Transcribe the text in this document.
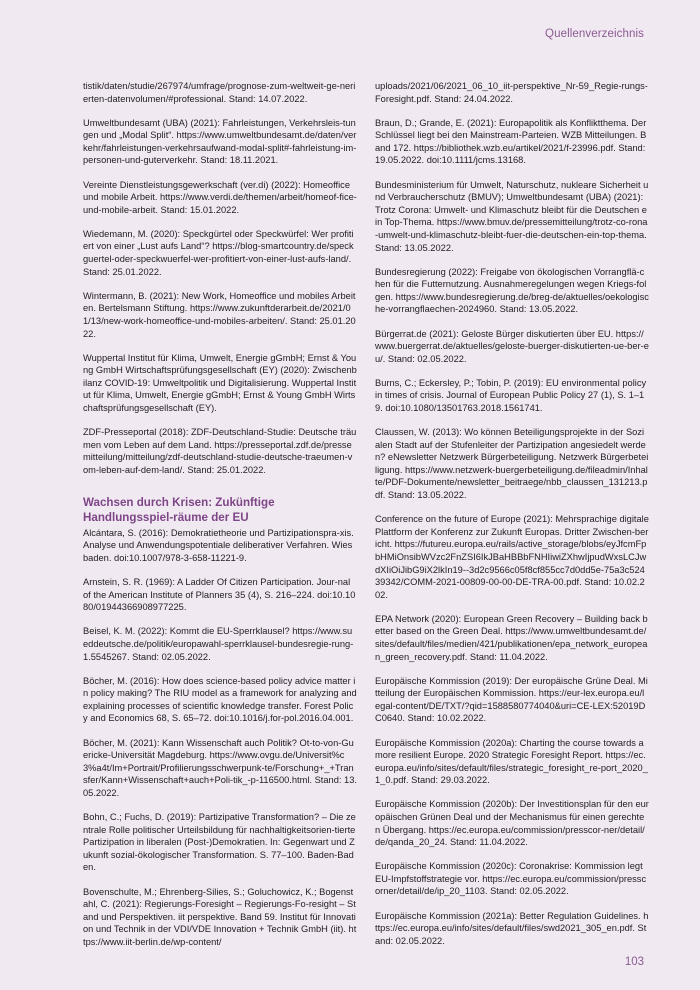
Quellenverzeichnis

tistik/daten/studie/267974/umfrage/prognose-zum-weltweit-ge-nerierten-datenvolumen/#professional. Stand: 14.07.2022.

Umweltbundesamt (UBA) (2021): Fahrleistungen, Verkehrsleis-tungen und „Modal Split“. https://www.umweltbundesamt.de/daten/verkehr/fahrleistungen-verkehrsaufwand-modal-split#-fahrleistung-im-personen-und-guterverkehr. Stand: 18.11.2021.

Vereinte Dienstleistungsgewerkschaft (ver.di) (2022): Homeoffice und mobile Arbeit. https://www.verdi.de/themen/arbeit/homeof-fice-und-mobile-arbeit. Stand: 15.01.2022.

Wiedemann, M. (2020): Speckgürtel oder Speckwürfel: Wer profitiert von einer „Lust aufs Land“? https://blog-smartcountry.de/speckguertel-oder-speckwuerfel-wer-profitiert-von-einer-lust-aufs-land/. Stand: 25.01.2022.

Wintermann, B. (2021): New Work, Homeoffice und mobiles Arbeiten. Bertelsmann Stiftung. https://www.zukunftderarbeit.de/2021/01/13/new-work-homeoffice-und-mobiles-arbeiten/. Stand: 25.01.2022.

Wuppertal Institut für Klima, Umwelt, Energie gGmbH; Ernst & Young GmbH Wirtschaftsprüfungsgesellschaft (EY) (2020): Zwischenbilanz COVID-19: Umweltpolitik und Digitalisierung. Wuppertal Institut für Klima, Umwelt, Energie gGmbH; Ernst & Young GmbH Wirtschaftsprüfungsgesellschaft (EY).

ZDF-Presseportal (2018): ZDF-Deutschland-Studie: Deutsche träumen vom Leben auf dem Land. https://presseportal.zdf.de/pressemitteilung/mitteilung/zdf-deutschland-studie-deutsche-traeumen-vom-leben-auf-dem-land/. Stand: 25.01.2022.

Wachsen durch Krisen: Zukünftige Handlungsspiel-räume der EU

Alcántara, S. (2016): Demokratietheorie und Partizipationspra-xis. Analyse und Anwendungspotentiale deliberativer Verfahren. Wiesbaden. doi:10.1007/978-3-658-11221-9.

Arnstein, S. R. (1969): A Ladder Of Citizen Participation. Jour-nal of the American Institute of Planners 35 (4), S. 216–224. doi:10.1080/01944366908977225.

Beisel, K. M. (2022): Kommt die EU-Sperrklausel? https://www.sueddeutsche.de/politik/europawahl-sperrklausel-bundesregie-rung-1.5545267. Stand: 02.05.2022.

Böcher, M. (2016): How does science-based policy advice matter in policy making? The RIU model as a framework for analyzing and explaining processes of scientific knowledge transfer. Forest Policy and Economics 68, S. 65–72. doi:10.1016/j.for-pol.2016.04.001.

Böcher, M. (2021): Kann Wissenschaft auch Politik? Ot-to-von-Guericke-Universität Magdeburg. https://www.ovgu.de/Universit%c3%a4t/Im+Portrait/Profilierungsschwerpunk-te/Forschung+_+Transfer/Kann+Wissenschaft+auch+Poli-tik_-p-116500.html. Stand: 13.05.2022.

Bohn, C.; Fuchs, D. (2019): Partizipative Transformation? – Die zentrale Rolle politischer Urteilsbildung für nachhaltigkeitsorien-tierte Partizipation in liberalen (Post-)Demokratien. In: Gegenwart und Zukunft sozial-ökologischer Transformation. S. 77–100. Baden-Baden.

Bovenschulte, M.; Ehrenberg-Silies, S.; Goluchowicz, K.; Bogenstahl, C. (2021): Regierungs-Foresight – Regierungs-Fo-resight – Stand und Perspektiven. iit perspektive. Band 59. Institut für Innovation und Technik in der VDI/VDE Innovation + Technik GmbH (iit). https://www.iit-berlin.de/wp-content/

uploads/2021/06/2021_06_10_iit-perspektive_Nr-59_Regie-rungs-Foresight.pdf. Stand: 24.04.2022.

Braun, D.; Grande, E. (2021): Europapolitik als Konfliktthema. Der Schlüssel liegt bei den Mainstream-Parteien. WZB Mitteilungen. Band 172. https://bibliothek.wzb.eu/artikel/2021/f-23996.pdf. Stand: 19.05.2022. doi:10.1111/jcms.13168.

Bundesministerium für Umwelt, Naturschutz, nukleare Sicherheit und Verbraucherschutz (BMUV); Umweltbundesamt (UBA) (2021): Trotz Corona: Umwelt- und Klimaschutz bleibt für die Deutschen ein Top-Thema. https://www.bmuv.de/pressemitteilung/trotz-co-rona-umwelt-und-klimaschutz-bleibt-fuer-die-deutschen-ein-top-thema. Stand: 13.05.2022.

Bundesregierung (2022): Freigabe von ökologischen Vorrangflä-chen für die Futternutzung. Ausnahmeregelungen wegen Kriegs-folgen. https://www.bundesregierung.de/breg-de/aktuelles/oekologische-vorrangflaechen-2024960. Stand: 13.05.2022.

Bürgerrat.de (2021): Geloste Bürger diskutierten über EU. https://www.buergerrat.de/aktuelles/geloste-buerger-diskutierten-ue-ber-eu/. Stand: 02.05.2022.

Burns, C.; Eckersley, P.; Tobin, P. (2019): EU environmental policy in times of crisis. Journal of European Public Policy 27 (1), S. 1–19. doi:10.1080/13501763.2018.1561741.

Claussen, W. (2013): Wo können Beteiligungsprojekte in der Sozialen Stadt auf der Stufenleiter der Partizipation angesiedelt werden? eNewsletter Netzwerk Bürgerbeteiligung. Netzwerk Bürgerbeteiligung. https://www.netzwerk-buergerbeteiligung.de/fileadmin/Inhalte/PDF-Dokumente/newsletter_beitraege/nbb_claussen_131213.pdf. Stand: 13.05.2022.

Conference on the future of Europe (2021): Mehrsprachige digitale Plattform der Konferenz zur Zukunft Europas. Dritter Zwischen-bericht. https://futureu.europa.eu/rails/active_storage/blobs/eyJfcmFpbHMiOnsibWVzc2FnZSI6IkJBaHBBbFNHIiwiZXhwIjpudWxsLCJwdXIiOiJibG9iX2lkIn19--3d2c9566c05f8cf855cc7d0dd5e-75a3c52439342/COMM-2021-00809-00-00-DE-TRA-00.pdf. Stand: 10.02.202.

EPA Network (2020): European Green Recovery – Building back better based on the Green Deal. https://www.umweltbundesamt.de/sites/default/files/medien/421/publikationen/epa_network_european_green_recovery.pdf. Stand: 11.04.2022.

Europäische Kommission (2019): Der europäische Grüne Deal. Mitteilung der Europäischen Kommission. https://eur-lex.europa.eu/legal-content/DE/TXT/?qid=1588580774040&uri=CE-LEX:52019DC0640. Stand: 10.02.2022.

Europäische Kommission (2020a): Charting the course towards a more resilient Europe. 2020 Strategic Foresight Report. https://ec.europa.eu/info/sites/default/files/strategic_foresight_re-port_2020_1_0.pdf. Stand: 29.03.2022.

Europäische Kommission (2020b): Der Investitionsplan für den europäischen Grünen Deal und der Mechanismus für einen gerechten Übergang. https://ec.europa.eu/commission/presscor-ner/detail/de/qanda_20_24. Stand: 11.04.2022.

Europäische Kommission (2020c): Coronakrise: Kommission legt EU-Impfstoffstrategie vor. https://ec.europa.eu/commission/presscorner/detail/de/ip_20_1103. Stand: 02.05.2022.

Europäische Kommission (2021a): Better Regulation Guidelines. https://ec.europa.eu/info/sites/default/files/swd2021_305_en.pdf. Stand: 02.05.2022.

103
